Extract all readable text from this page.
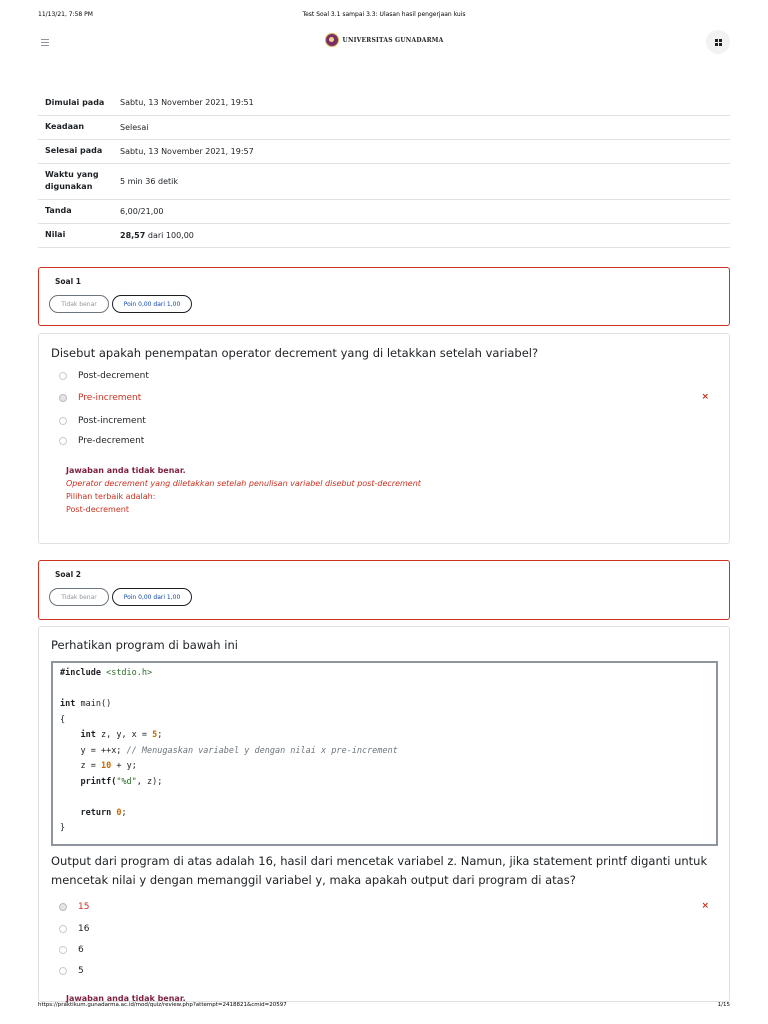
11/13/21, 7:58 PM	Test Soal 3.1 sampai 3.3: Ulasan hasil pengerjaan kuis
UNIVERSITAS GUNADARMA
Dimulai pada	Sabtu, 13 November 2021, 19:51
Keadaan	Selesai
Selesai pada	Sabtu, 13 November 2021, 19:57
Waktu yang digunakan	5 min 36 detik
Tanda	6,00/21,00
Nilai	28,57 dari 100,00
Soal 1
Tidak benar	Poin 0,00 dari 1,00
Disebut apakah penempatan operator decrement yang di letakkan setelah variabel?
Post-decrement
Pre-increment	×
Post-increment
Pre-decrement
Jawaban anda tidak benar.
Operator decrement yang diletakkan setelah penulisan variabel disebut post-decrement
Pilihan terbaik adalah:
Post-decrement
Soal 2
Tidak benar	Poin 0,00 dari 1,00
Perhatikan program di bawah ini
#include <stdio.h>

int main()
{
int z, y, x = 5;
y = ++x; // Menugaskan variabel y dengan nilai x pre-increment
z = 10 + y;
printf("%d", z);

return 0;
}
Output dari program di atas adalah 16, hasil dari mencetak variabel z. Namun, jika statement printf diganti untuk mencetak nilai y dengan memanggil variabel y, maka apakah output dari program di atas?
15	×
16
6
5
Jawaban anda tidak benar.
https://praktikum.gunadarma.ac.id/mod/quiz/review.php?attempt=2418821&cmid=20597	1/15
